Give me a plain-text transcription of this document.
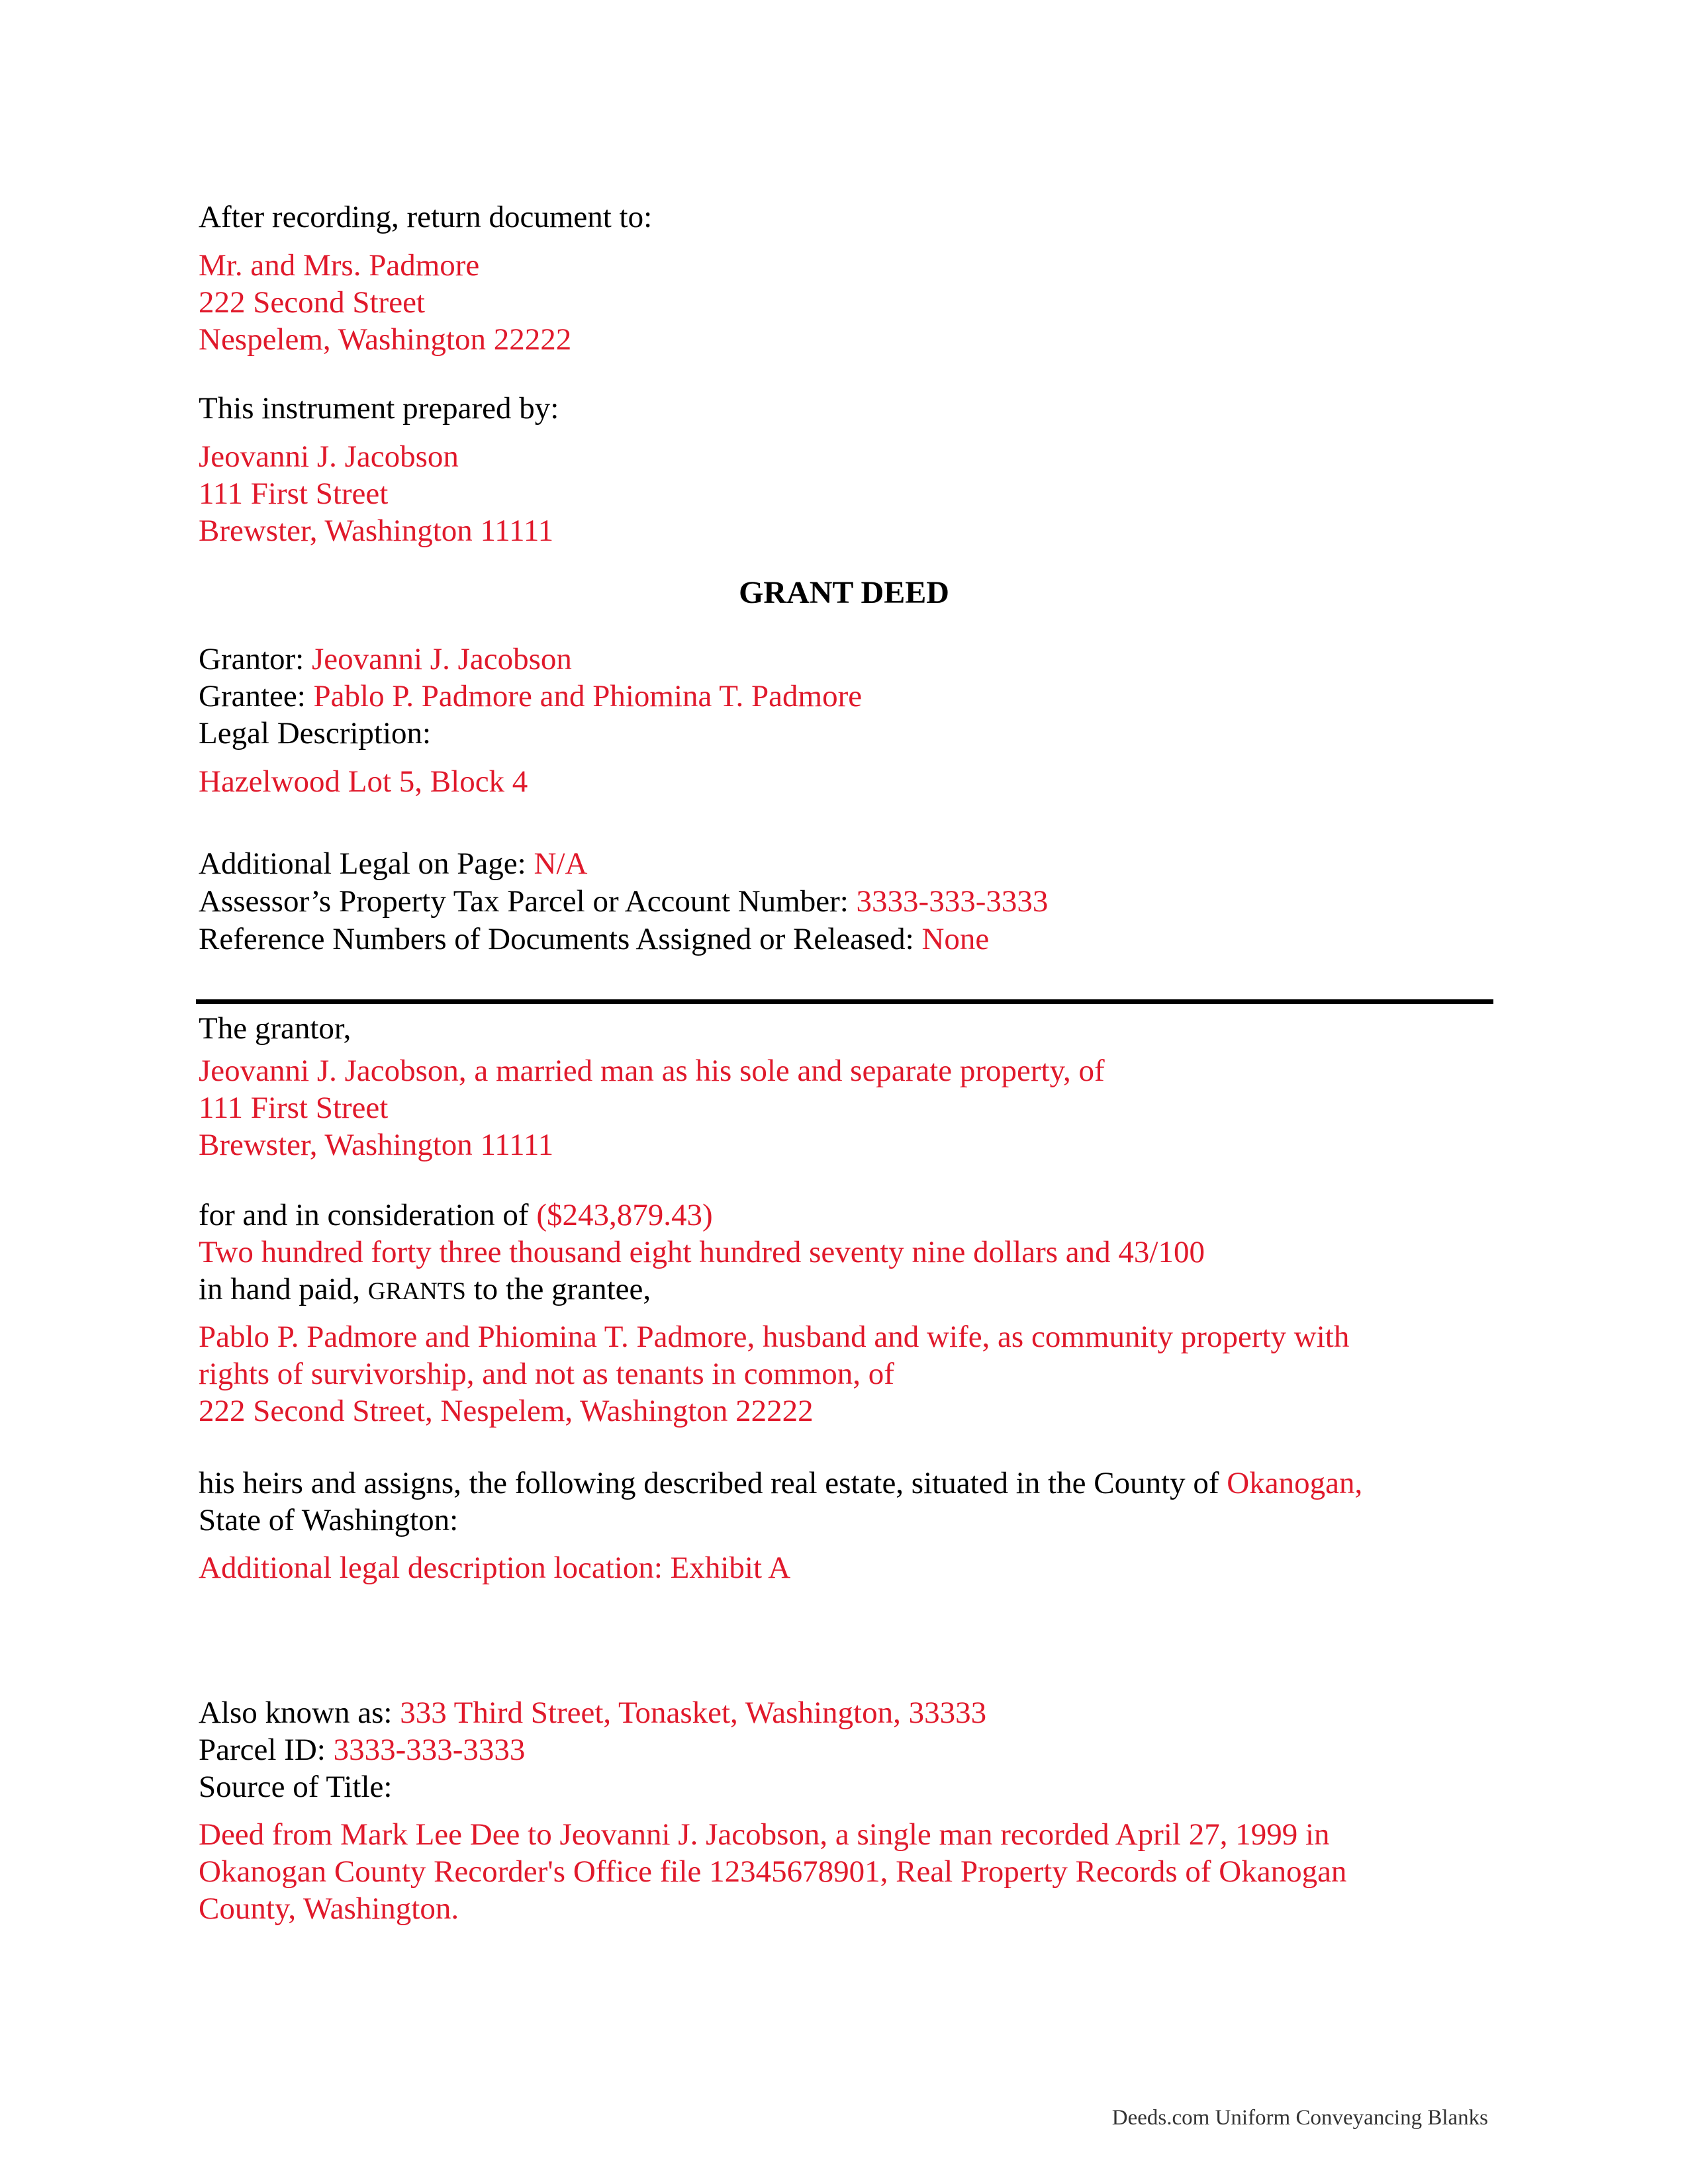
After recording, return document to:
Mr. and Mrs. Padmore
222 Second Street
Nespelem, Washington 22222
This instrument prepared by:
Jeovanni J. Jacobson
111 First Street
Brewster, Washington 11111
GRANT DEED
Grantor: Jeovanni J. Jacobson
Grantee: Pablo P. Padmore and Phiomina T. Padmore
Legal Description:
Hazelwood Lot 5, Block 4
Additional Legal on Page: N/A
Assessor’s Property Tax Parcel or Account Number: 3333-333-3333
Reference Numbers of Documents Assigned or Released: None
The grantor,
Jeovanni J. Jacobson, a married man as his sole and separate property, of
111 First Street
Brewster, Washington 11111
for and in consideration of ($243,879.43)
Two hundred forty three thousand eight hundred seventy nine dollars and 43/100
in hand paid, GRANTS to the grantee,
Pablo P. Padmore and Phiomina T. Padmore, husband and wife, as community property with
rights of survivorship, and not as tenants in common, of
222 Second Street, Nespelem, Washington 22222
his heirs and assigns, the following described real estate, situated in the County of Okanogan,
State of Washington:
Additional legal description location: Exhibit A
Also known as: 333 Third Street, Tonasket, Washington, 33333
Parcel ID: 3333-333-3333
Source of Title:
Deed from Mark Lee Dee to Jeovanni J. Jacobson, a single man recorded April 27, 1999 in
Okanogan County Recorder's Office file 12345678901, Real Property Records of Okanogan
County, Washington.
Deeds.com Uniform Conveyancing Blanks
